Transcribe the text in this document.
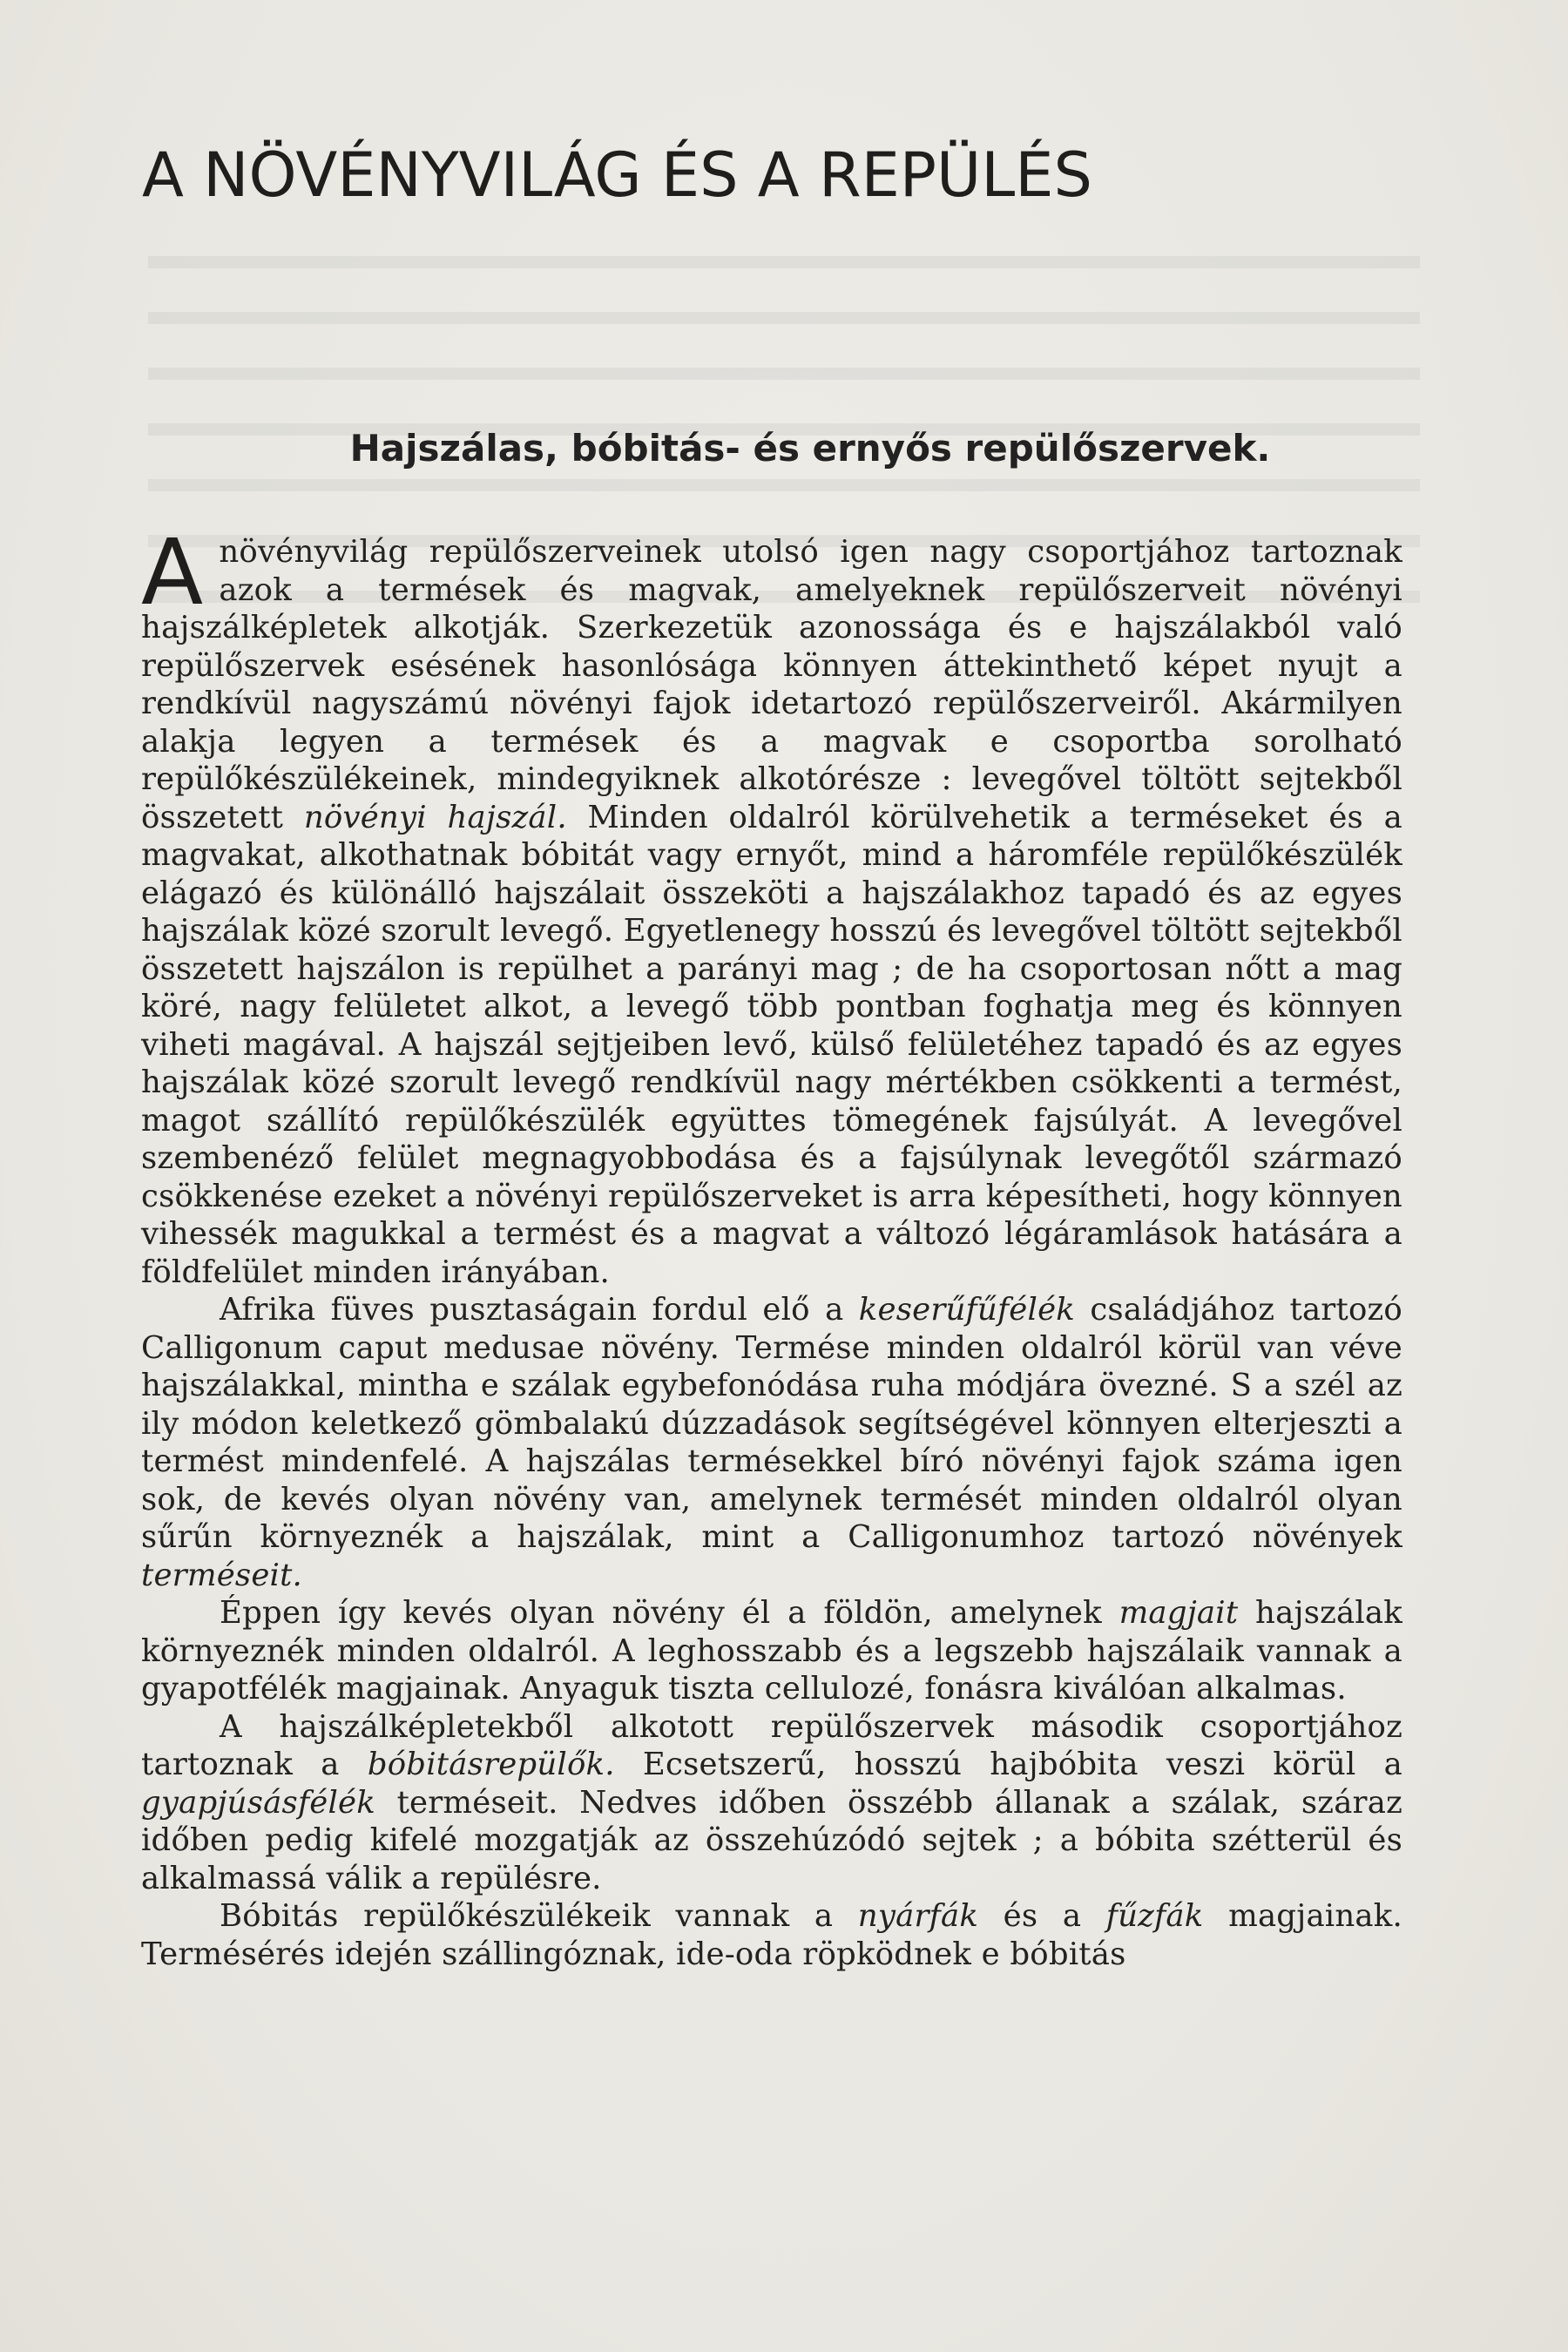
A NÖVÉNYVILÁG ÉS A REPÜLÉS
Hajszálas, bóbitás- és ernyős repülőszervek.

A növényvilág repülőszerveinek utolsó igen nagy csoportjához tartoznak azok a termések és magvak, amelyeknek repülőszerveit növényi hajszálképletek alkotják. Szerkezetük azonossága és e hajszálakból való repülőszervek esésének hasonlósága könnyen áttekinthető képet nyujt a rendkívül nagyszámú növényi fajok idetartozó repülőszerveiről. Akármilyen alakja legyen a termések és a magvak e csoportba sorolható repülőkészülékeinek, mindegyiknek alkotórésze : levegővel töltött sejtekből összetett növényi hajszál. Minden oldalról körülvehetik a terméseket és a magvakat, alkothatnak bóbitát vagy ernyőt, mind a háromféle repülőkészülék elágazó és különálló hajszálait összeköti a hajszálakhoz tapadó és az egyes hajszálak közé szorult levegő. Egyetlenegy hosszú és levegővel töltött sejtekből összetett hajszálon is repülhet a parányi mag ; de ha csoportosan nőtt a mag köré, nagy felületet alkot, a levegő több pontban foghatja meg és könnyen viheti magával. A hajszál sejtjeiben levő, külső felületéhez tapadó és az egyes hajszálak közé szorult levegő rendkívül nagy mértékben csökkenti a termést, magot szállító repülőkészülék együttes tömegének fajsúlyát. A levegővel szembenéző felület megnagyobbodása és a fajsúlynak levegőtől származó csökkenése ezeket a növényi repülőszerveket is arra képesítheti, hogy könnyen vihessék magukkal a termést és a magvat a változó légáramlások hatására a földfelület minden irányában.

Afrika füves pusztaságain fordul elő a keserűfűfélék családjához tartozó Calligonum caput medusae növény. Termése minden oldalról körül van véve hajszálakkal, mintha e szálak egybefonódása ruha módjára övezné. S a szél az ily módon keletkező gömbalakú dúzzadások segítségével könnyen elterjeszti a termést mindenfelé. A hajszálas termésekkel bíró növényi fajok száma igen sok, de kevés olyan növény van, amelynek termését minden oldalról olyan sűrűn környeznék a hajszálak, mint a Calligonumhoz tartozó növények terméseit.

Éppen így kevés olyan növény él a földön, amelynek magjait hajszálak környeznék minden oldalról. A leghosszabb és a legszebb hajszálaik vannak a gyapotfélék magjainak. Anyaguk tiszta cellulozé, fonásra kiválóan alkalmas.

A hajszálképletekből alkotott repülőszervek második csoportjához tartoznak a bóbitásrepülők. Ecsetszerű, hosszú hajbóbita veszi körül a gyapjúsásfélék terméseit. Nedves időben összébb állanak a szálak, száraz időben pedig kifelé mozgatják az összehúzódó sejtek ; a bóbita szétterül és alkalmassá válik a repülésre.

Bóbitás repülőkészülékeik vannak a nyárfák és a fűzfák magjainak. Termésérés idején szállingóznak, ide-oda röpködnek e bóbitás
